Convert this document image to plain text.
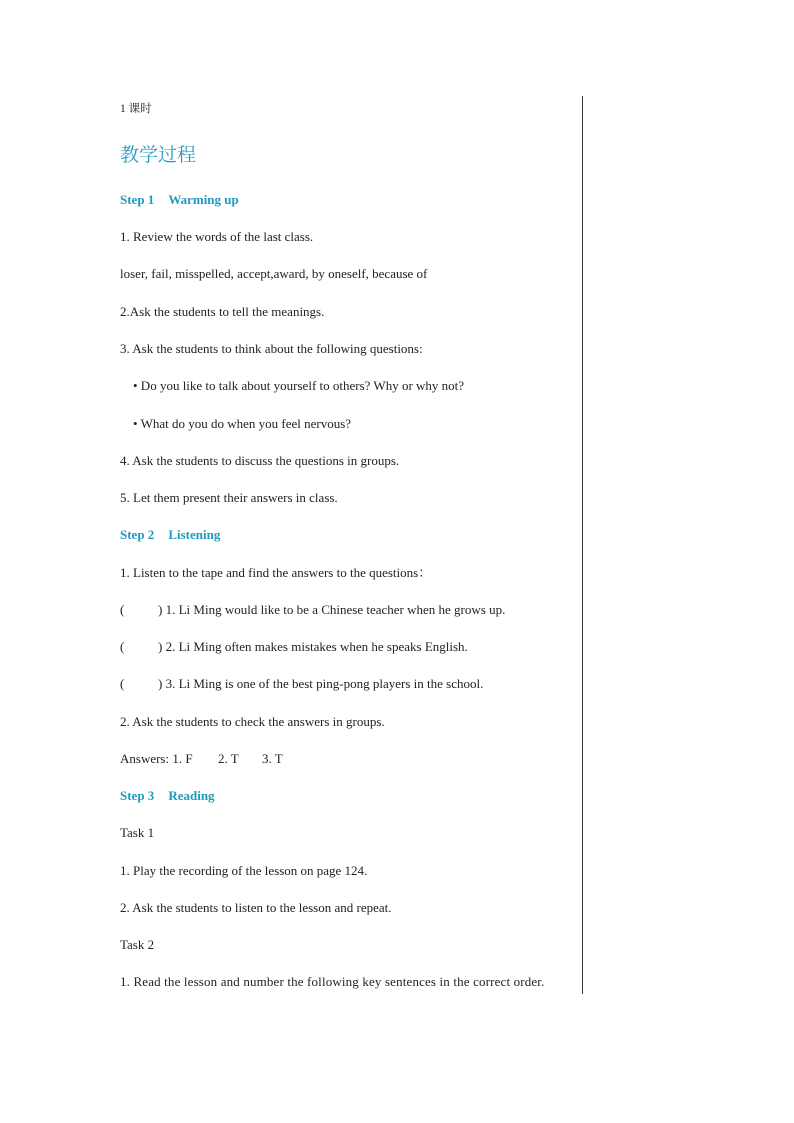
1 课时
教学过程
Step 1 Warming up
1. Review the words of the last class.
loser, fail, misspelled, accept,award, by oneself, because of
2.Ask the students to tell the meanings.
3. Ask the students to think about the following questions:
• Do you like to talk about yourself to others? Why or why not?
• What do you do when you feel nervous?
4. Ask the students to discuss the questions in groups.
5. Let them present their answers in class.
Step 2 Listening
1. Listen to the tape and find the answers to the questions：
(	) 1. Li Ming would like to be a Chinese teacher when he grows up.
(	) 2. Li Ming often makes mistakes when he speaks English.
(	) 3. Li Ming is one of the best ping-pong players in the school.
2. Ask the students to check the answers in groups.
Answers: 1. F 2. T 3. T
Step 3 Reading
Task 1
1. Play the recording of the lesson on page 124.
2. Ask the students to listen to the lesson and repeat.
Task 2
1. Read the lesson and number the following key sentences in the correct order.
